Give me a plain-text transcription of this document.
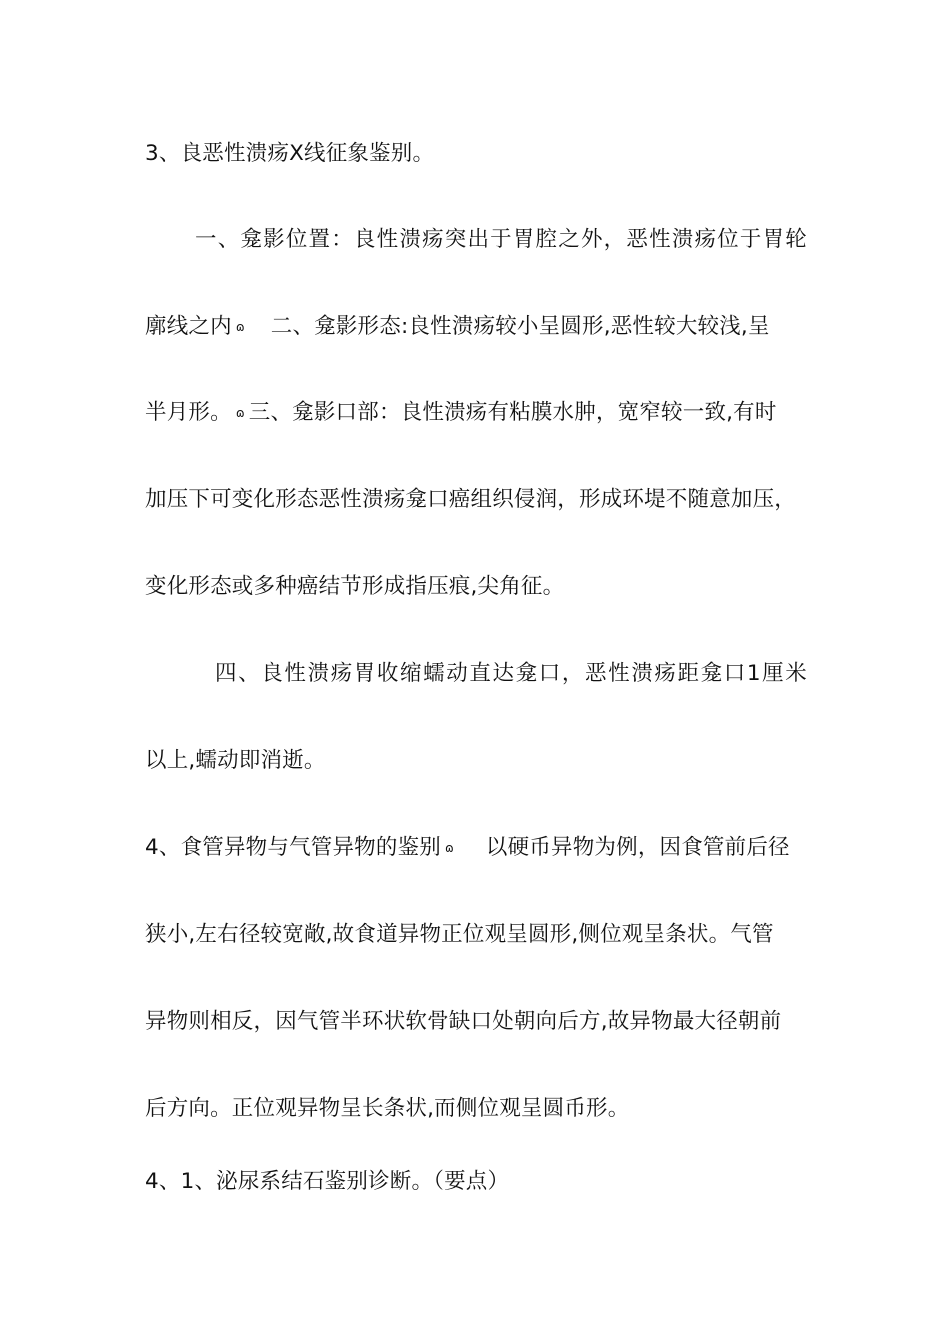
3、良恶性溃疡X线征象鉴别。
一、龛影位置：良性溃疡突出于胃腔之外，恶性溃疡位于胃轮
廓线之内 ɷ 二、龛影形态:良性溃疡较小呈圆形,恶性较大较浅,呈
半月形。 ɷ 三、龛影口部：良性溃疡有粘膜水肿，宽窄较一致,有时
加压下可变化形态恶性溃疡龛口癌组织侵润，形成环堤不随意加压，
变化形态或多种癌结节形成指压痕,尖角征。
四、良性溃疡胃收缩蠕动直达龛口，恶性溃疡距龛口1厘米
以上,蠕动即消逝。
4、食管异物与气管异物的鉴别 ɷ 以硬币异物为例，因食管前后径
狭小,左右径较宽敞,故食道异物正位观呈圆形,侧位观呈条状。气管
异物则相反，因气管半环状软骨缺口处朝向后方,故异物最大径朝前
后方向。正位观异物呈长条状,而侧位观呈圆币形。
4、1、泌尿系结石鉴别诊断。（要点）
